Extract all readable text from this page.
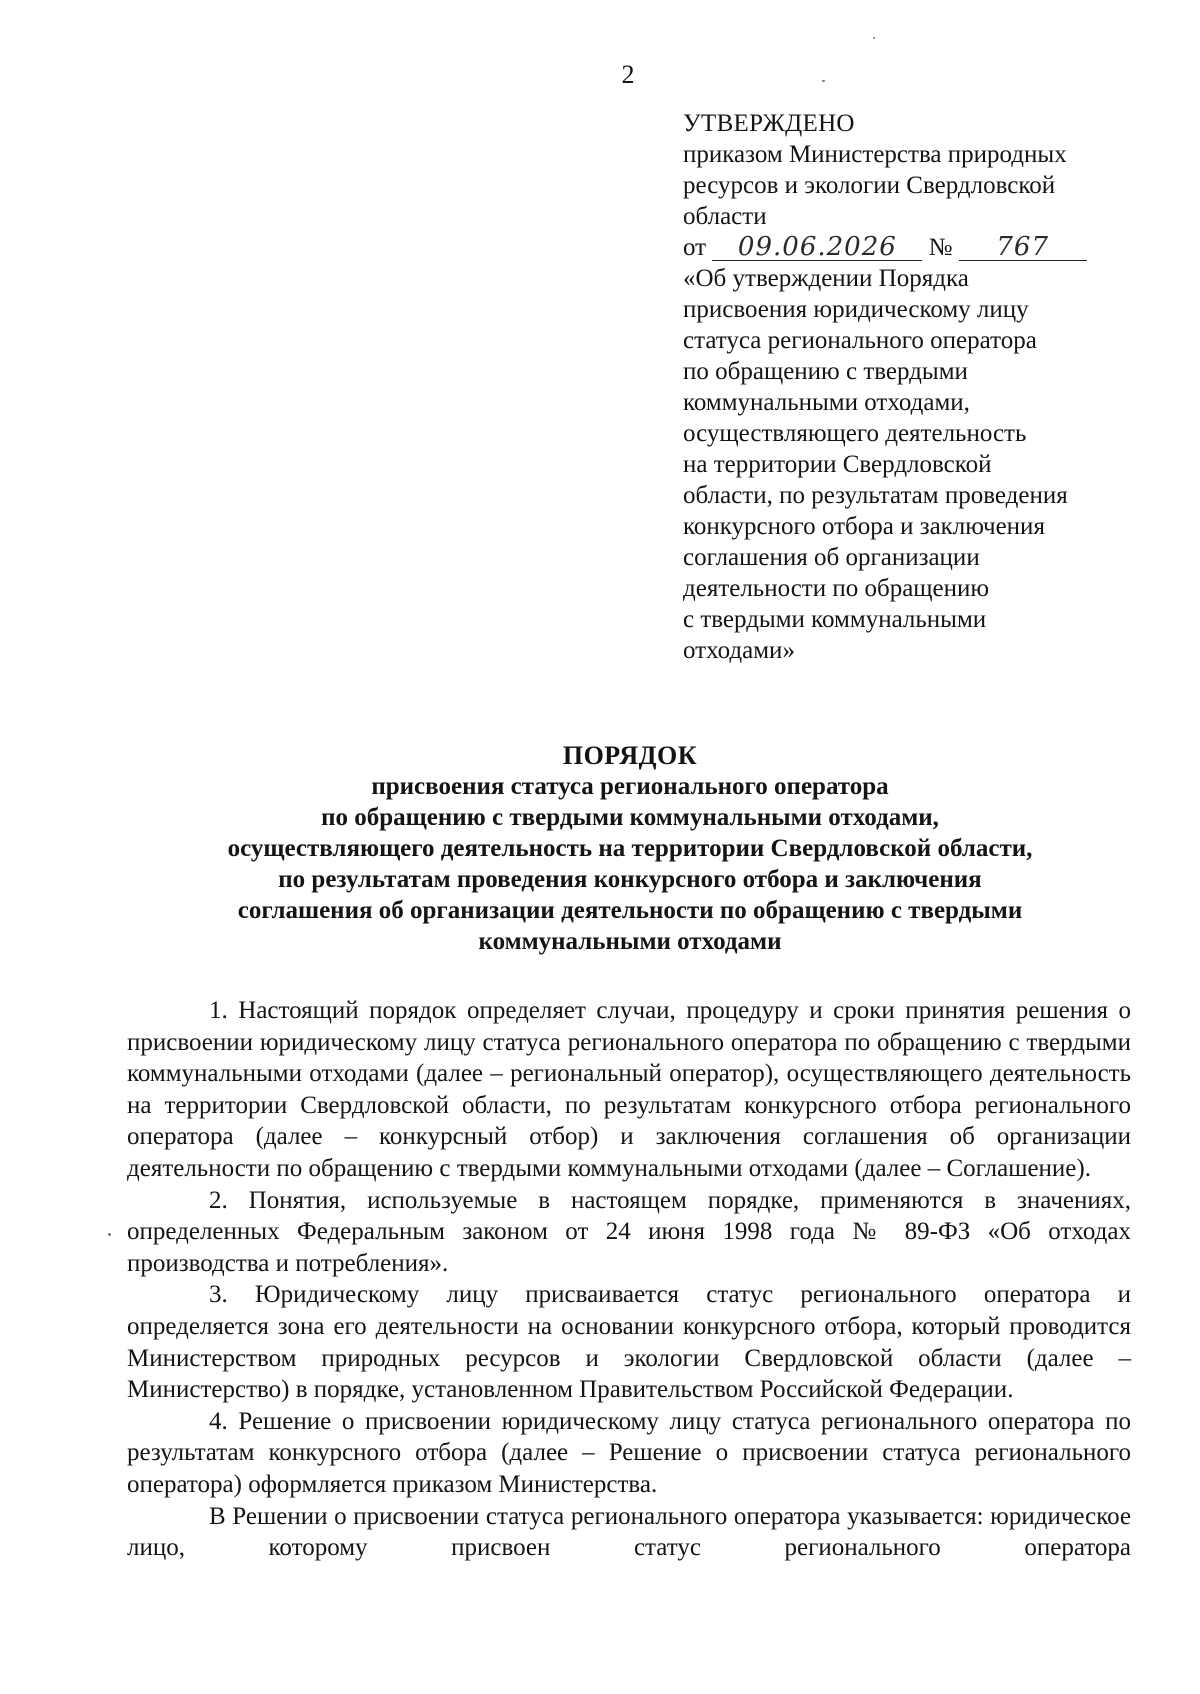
2
УТВЕРЖДЕНО
приказом Министерства природных
ресурсов и экологии Свердловской
области
от 09.06.2026 № 767
«Об утверждении Порядка
присвоения юридическому лицу
статуса регионального оператора
по обращению с твердыми
коммунальными отходами,
осуществляющего деятельность
на территории Свердловской
области, по результатам проведения
конкурсного отбора и заключения
соглашения об организации
деятельности по обращению
с твердыми коммунальными
отходами»
ПОРЯДОК
присвоения статуса регионального оператора
по обращению с твердыми коммунальными отходами,
осуществляющего деятельность на территории Свердловской области,
по результатам проведения конкурсного отбора и заключения
соглашения об организации деятельности по обращению с твердыми
коммунальными отходами

1. Настоящий порядок определяет случаи, процедуру и сроки принятия решения о присвоении юридическому лицу статуса регионального оператора по обращению с твердыми коммунальными отходами (далее – региональный оператор), осуществляющего деятельность на территории Свердловской области, по результатам конкурсного отбора регионального оператора (далее – конкурсный отбор) и заключения соглашения об организации деятельности по обращению с твердыми коммунальными отходами (далее – Соглашение).

2. Понятия, используемые в настоящем порядке, применяются в значениях, определенных Федеральным законом от 24 июня 1998 года № 89-ФЗ «Об отходах производства и потребления».

3. Юридическому лицу присваивается статус регионального оператора и определяется зона его деятельности на основании конкурсного отбора, который проводится Министерством природных ресурсов и экологии Свердловской области (далее – Министерство) в порядке, установленном Правительством Российской Федерации.

4. Решение о присвоении юридическому лицу статуса регионального оператора по результатам конкурсного отбора (далее – Решение о присвоении статуса регионального оператора) оформляется приказом Министерства.

В Решении о присвоении статуса регионального оператора указывается: юридическое лицо, которому присвоен статус регионального оператора
